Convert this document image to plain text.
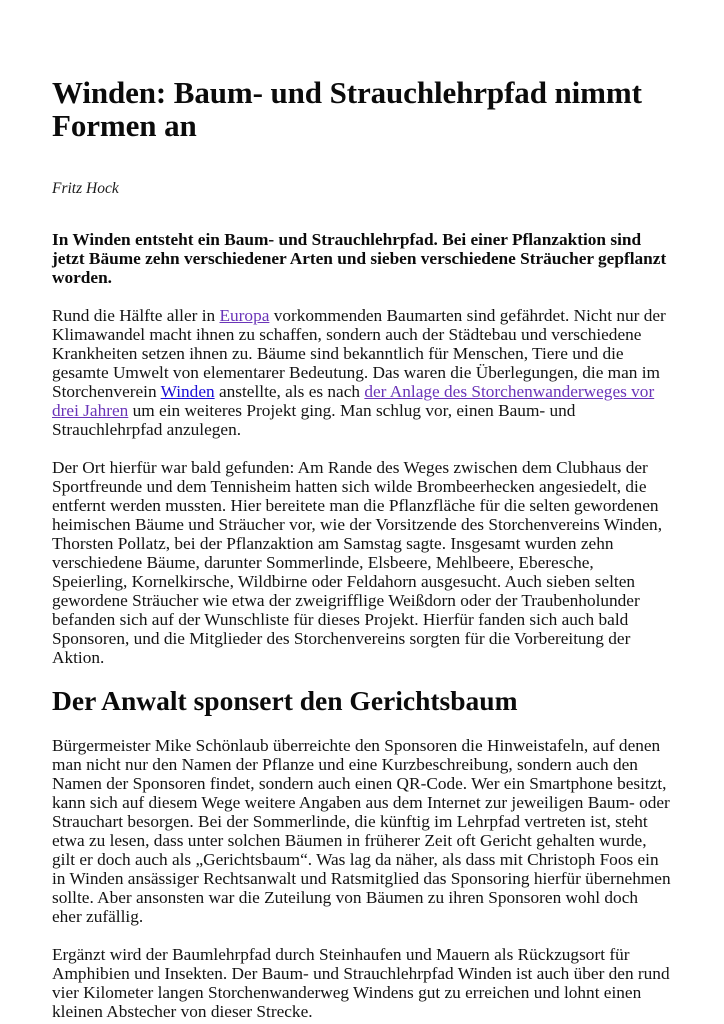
Winden: Baum- und Strauchlehrpfad nimmt Formen an
Fritz Hock

In Winden entsteht ein Baum- und Strauchlehrpfad. Bei einer Pflanzaktion sind jetzt Bäume zehn verschiedener Arten und sieben verschiedene Sträucher gepflanzt worden.

Rund die Hälfte aller in Europa vorkommenden Baumarten sind gefährdet. Nicht nur der Klimawandel macht ihnen zu schaffen, sondern auch der Städtebau und verschiedene Krankheiten setzen ihnen zu. Bäume sind bekanntlich für Menschen, Tiere und die gesamte Umwelt von elementarer Bedeutung. Das waren die Überlegungen, die man im Storchenverein Winden anstellte, als es nach der Anlage des Storchenwanderweges vor drei Jahren um ein weiteres Projekt ging. Man schlug vor, einen Baum- und Strauchlehrpfad anzulegen.

Der Ort hierfür war bald gefunden: Am Rande des Weges zwischen dem Clubhaus der Sportfreunde und dem Tennisheim hatten sich wilde Brombeerhecken angesiedelt, die entfernt werden mussten. Hier bereitete man die Pflanzfläche für die selten gewordenen heimischen Bäume und Sträucher vor, wie der Vorsitzende des Storchenvereins Winden, Thorsten Pollatz, bei der Pflanzaktion am Samstag sagte. Insgesamt wurden zehn verschiedene Bäume, darunter Sommerlinde, Elsbeere, Mehlbeere, Eberesche, Speierling, Kornelkirsche, Wildbirne oder Feldahorn ausgesucht. Auch sieben selten gewordene Sträucher wie etwa der zweigrifflige Weißdorn oder der Traubenholunder befanden sich auf der Wunschliste für dieses Projekt. Hierfür fanden sich auch bald Sponsoren, und die Mitglieder des Storchenvereins sorgten für die Vorbereitung der Aktion.

Der Anwalt sponsert den Gerichtsbaum

Bürgermeister Mike Schönlaub überreichte den Sponsoren die Hinweistafeln, auf denen man nicht nur den Namen der Pflanze und eine Kurzbeschreibung, sondern auch den Namen der Sponsoren findet, sondern auch einen QR-Code. Wer ein Smartphone besitzt, kann sich auf diesem Wege weitere Angaben aus dem Internet zur jeweiligen Baum- oder Strauchart besorgen. Bei der Sommerlinde, die künftig im Lehrpfad vertreten ist, steht etwa zu lesen, dass unter solchen Bäumen in früherer Zeit oft Gericht gehalten wurde, gilt er doch auch als „Gerichtsbaum“. Was lag da näher, als dass mit Christoph Foos ein in Winden ansässiger Rechtsanwalt und Ratsmitglied das Sponsoring hierfür übernehmen sollte. Aber ansonsten war die Zuteilung von Bäumen zu ihren Sponsoren wohl doch eher zufällig.

Ergänzt wird der Baumlehrpfad durch Steinhaufen und Mauern als Rückzugsort für Amphibien und Insekten. Der Baum- und Strauchlehrpfad Winden ist auch über den rund vier Kilometer langen Storchenwanderweg Windens gut zu erreichen und lohnt einen kleinen Abstecher von dieser Strecke.
